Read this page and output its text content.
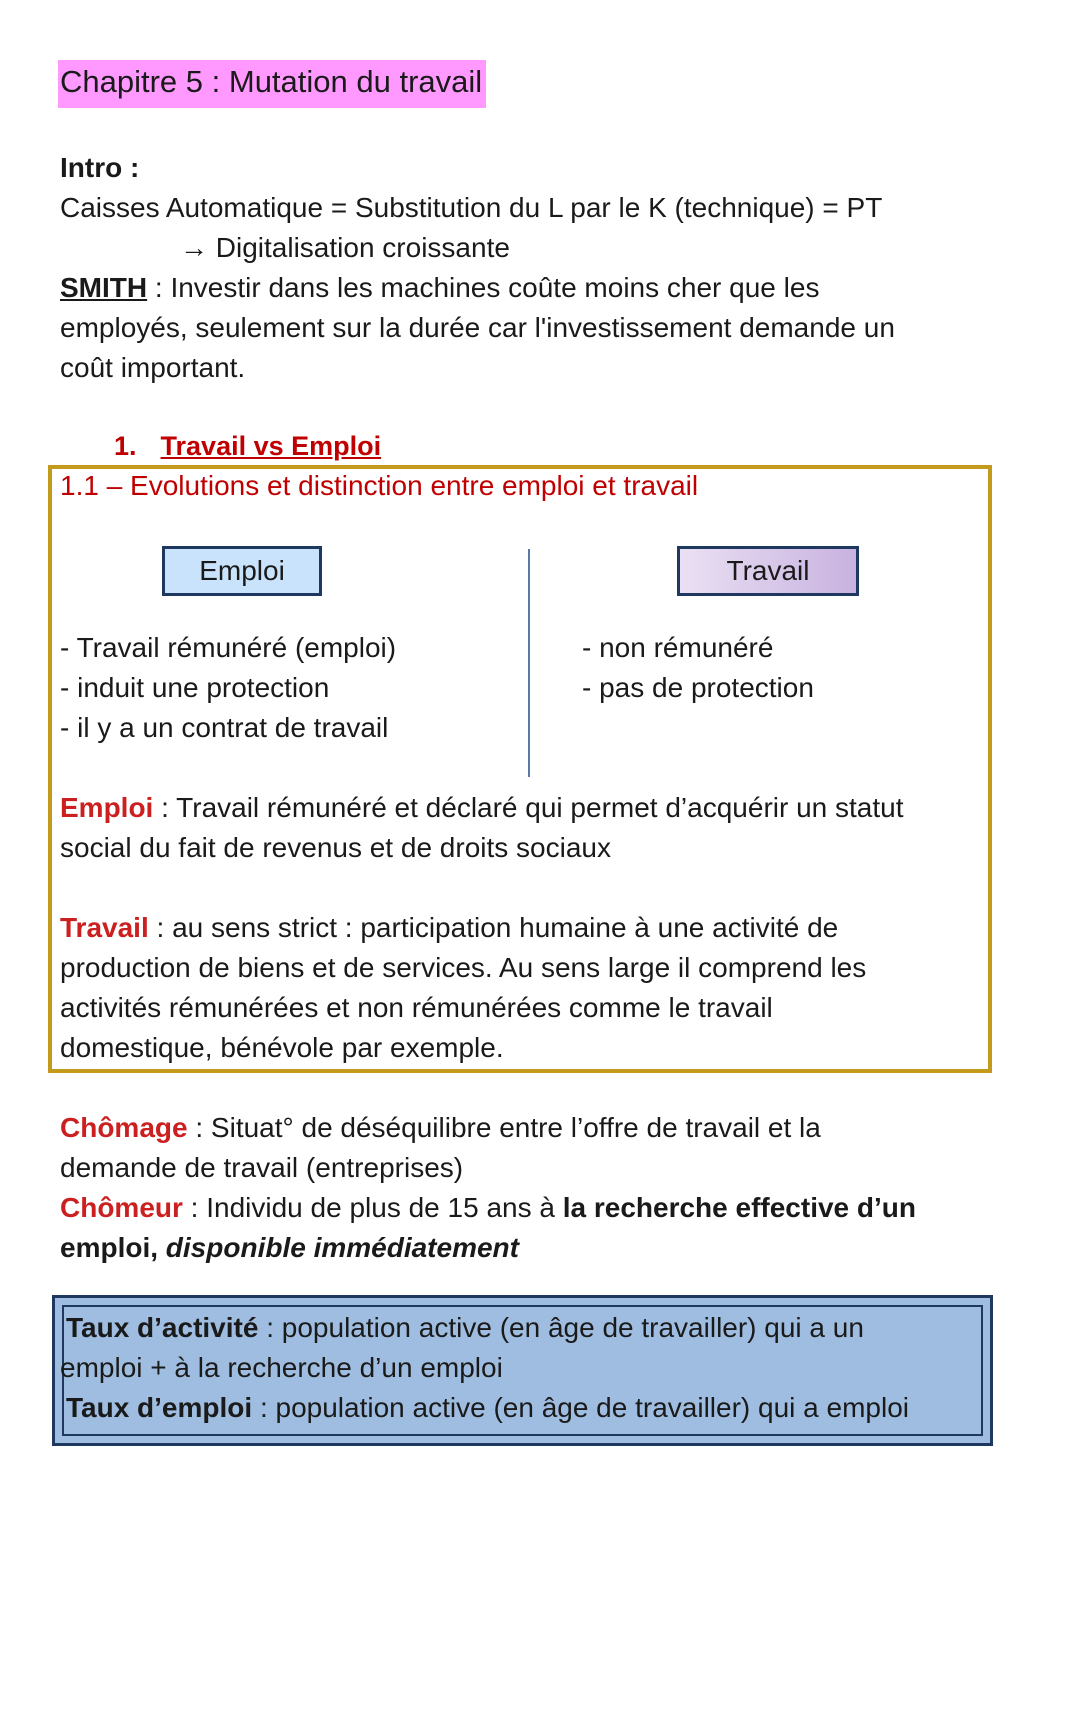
Chapitre 5 : Mutation du travail
Intro :
Caisses Automatique = Substitution du L par le K (technique) = PT
→ Digitalisation croissante
SMITH : Investir dans les machines coûte moins cher que les
employés, seulement sur la durée car l'investissement demande un
coût important.
1. Travail vs Emploi
1.1 – Evolutions et distinction entre emploi et travail
Emploi	Travail
- Travail rémunéré (emploi)
- induit une protection
- il y a un contrat de travail
- non rémunéré
- pas de protection
Emploi : Travail rémunéré et déclaré qui permet d’acquérir un statut
social du fait de revenus et de droits sociaux
Travail : au sens strict : participation humaine à une activité de
production de biens et de services. Au sens large il comprend les
activités rémunérées et non rémunérées comme le travail
domestique, bénévole par exemple.
Chômage : Situat° de déséquilibre entre l’offre de travail et la
demande de travail (entreprises)
Chômeur : Individu de plus de 15 ans à la recherche effective d’un
emploi, disponible immédiatement
Taux d’activité : population active (en âge de travailler) qui a un
emploi + à la recherche d’un emploi
Taux d’emploi : population active (en âge de travailler) qui a emploi
